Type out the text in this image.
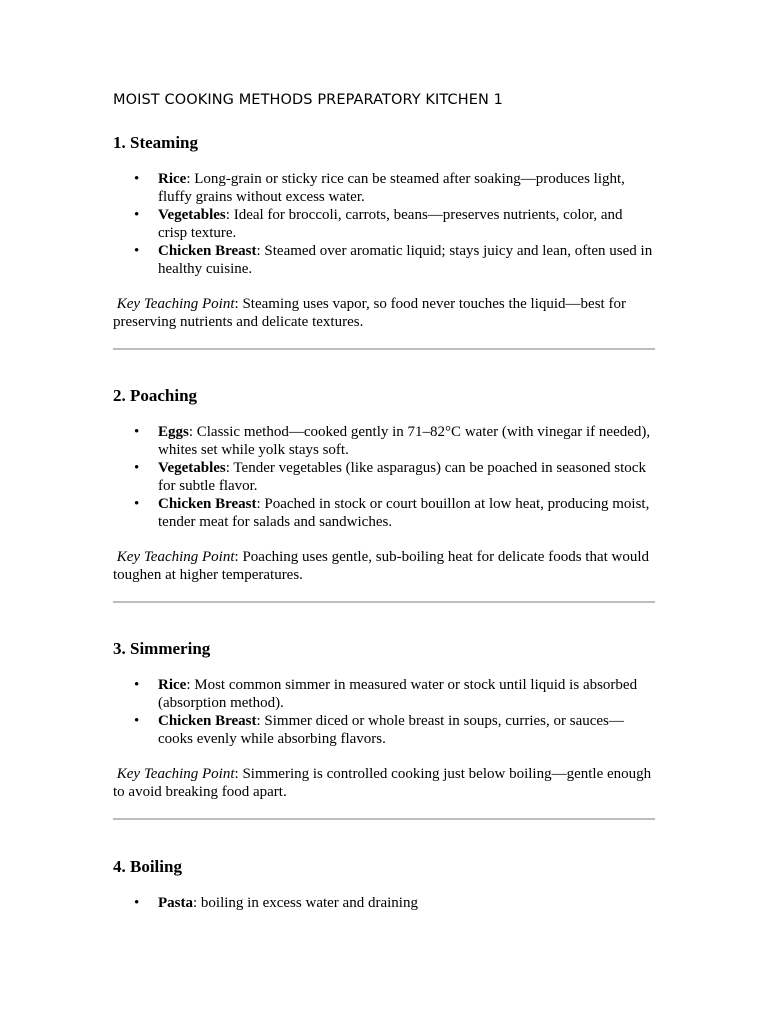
MOIST COOKING METHODS PREPARATORY KITCHEN 1
1. Steaming
• Rice: Long-grain or sticky rice can be steamed after soaking—produces light, fluffy grains without excess water.
• Vegetables: Ideal for broccoli, carrots, beans—preserves nutrients, color, and crisp texture.
• Chicken Breast: Steamed over aromatic liquid; stays juicy and lean, often used in healthy cuisine.

Key Teaching Point: Steaming uses vapor, so food never touches the liquid—best for preserving nutrients and delicate textures.

2. Poaching
• Eggs: Classic method—cooked gently in 71–82°C water (with vinegar if needed), whites set while yolk stays soft.
• Vegetables: Tender vegetables (like asparagus) can be poached in seasoned stock for subtle flavor.
• Chicken Breast: Poached in stock or court bouillon at low heat, producing moist, tender meat for salads and sandwiches.

Key Teaching Point: Poaching uses gentle, sub-boiling heat for delicate foods that would toughen at higher temperatures.

3. Simmering
• Rice: Most common simmer in measured water or stock until liquid is absorbed (absorption method).
• Chicken Breast: Simmer diced or whole breast in soups, curries, or sauces—cooks evenly while absorbing flavors.

Key Teaching Point: Simmering is controlled cooking just below boiling—gentle enough to avoid breaking food apart.

4. Boiling
• Pasta: boiling in excess water and draining
